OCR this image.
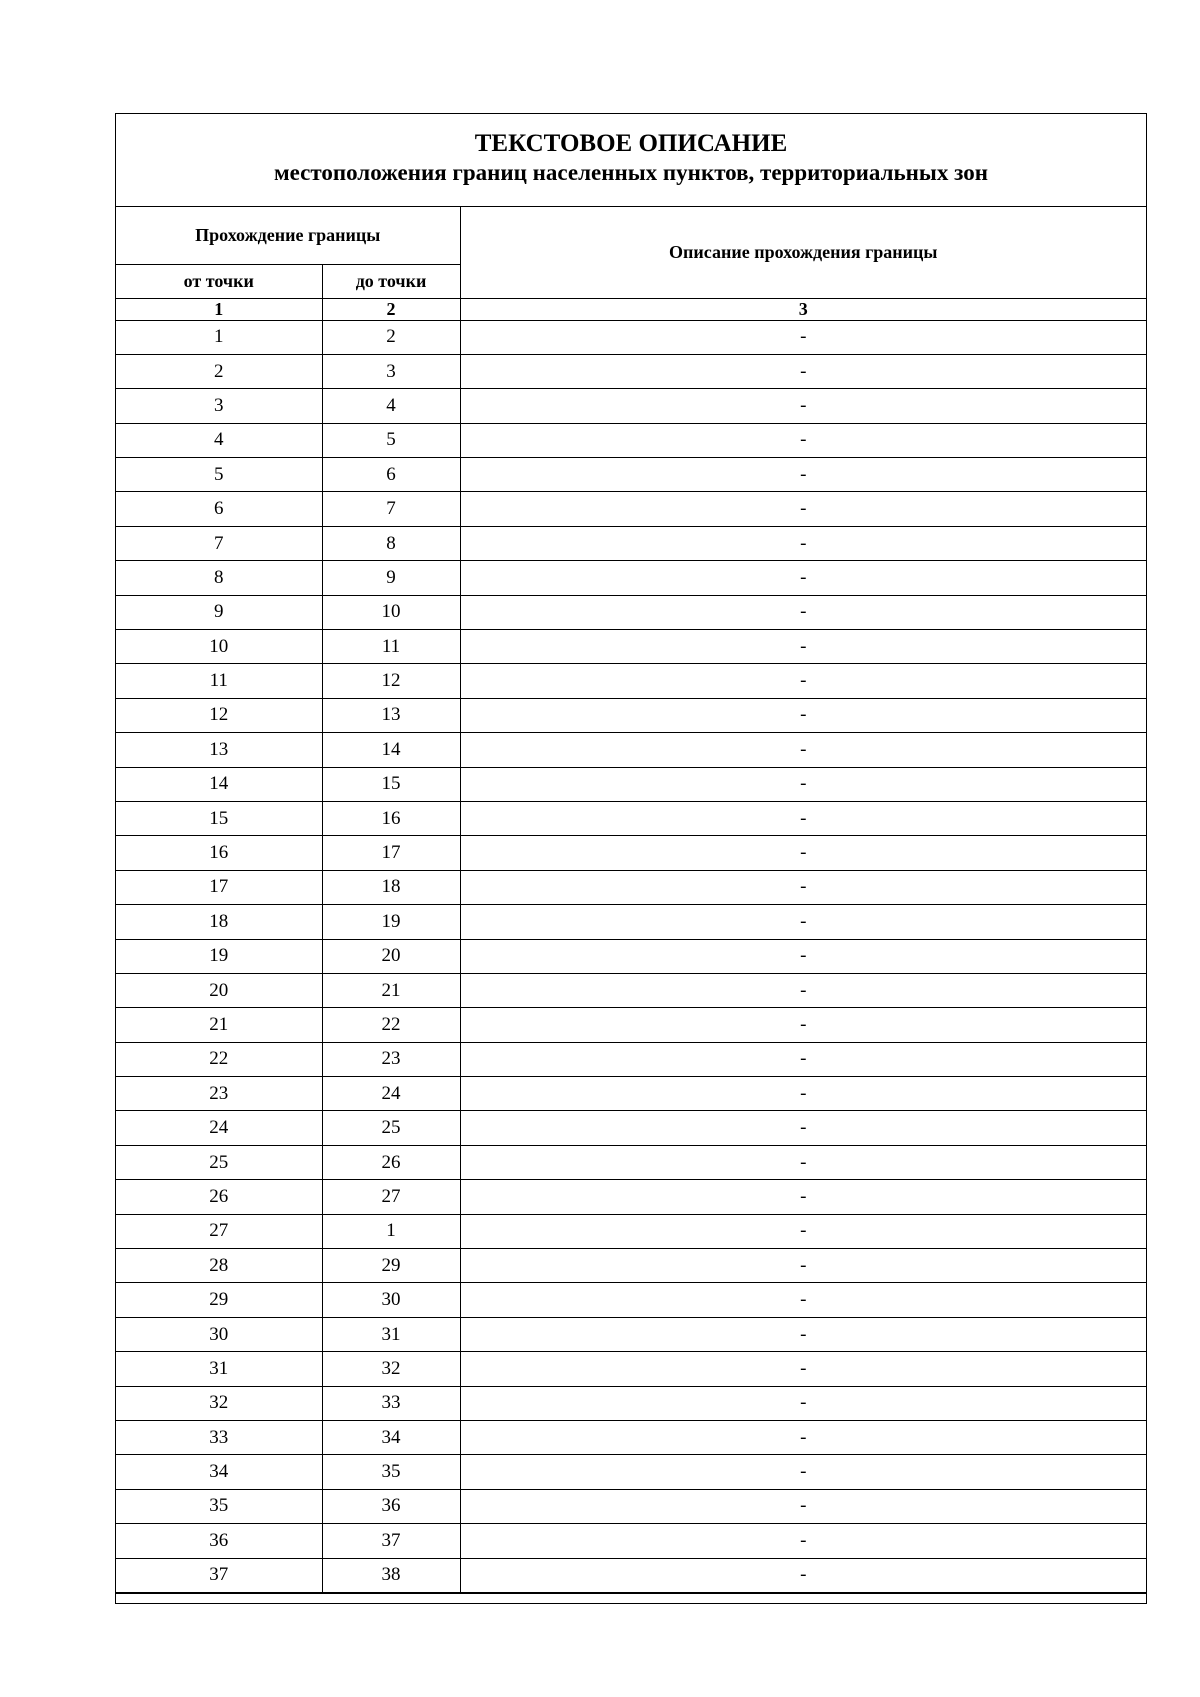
ТЕКСТОВОЕ ОПИСАНИЕ
местоположения границ населенных пунктов, территориальных зон
Прохождение границы		Описание прохождения границы
от точки	до точки	
1	2	3
1	2	-
2	3	-
3	4	-
4	5	-
5	6	-
6	7	-
7	8	-
8	9	-
9	10	-
10	11	-
11	12	-
12	13	-
13	14	-
14	15	-
15	16	-
16	17	-
17	18	-
18	19	-
19	20	-
20	21	-
21	22	-
22	23	-
23	24	-
24	25	-
25	26	-
26	27	-
27	1	-
28	29	-
29	30	-
30	31	-
31	32	-
32	33	-
33	34	-
34	35	-
35	36	-
36	37	-
37	38	-
